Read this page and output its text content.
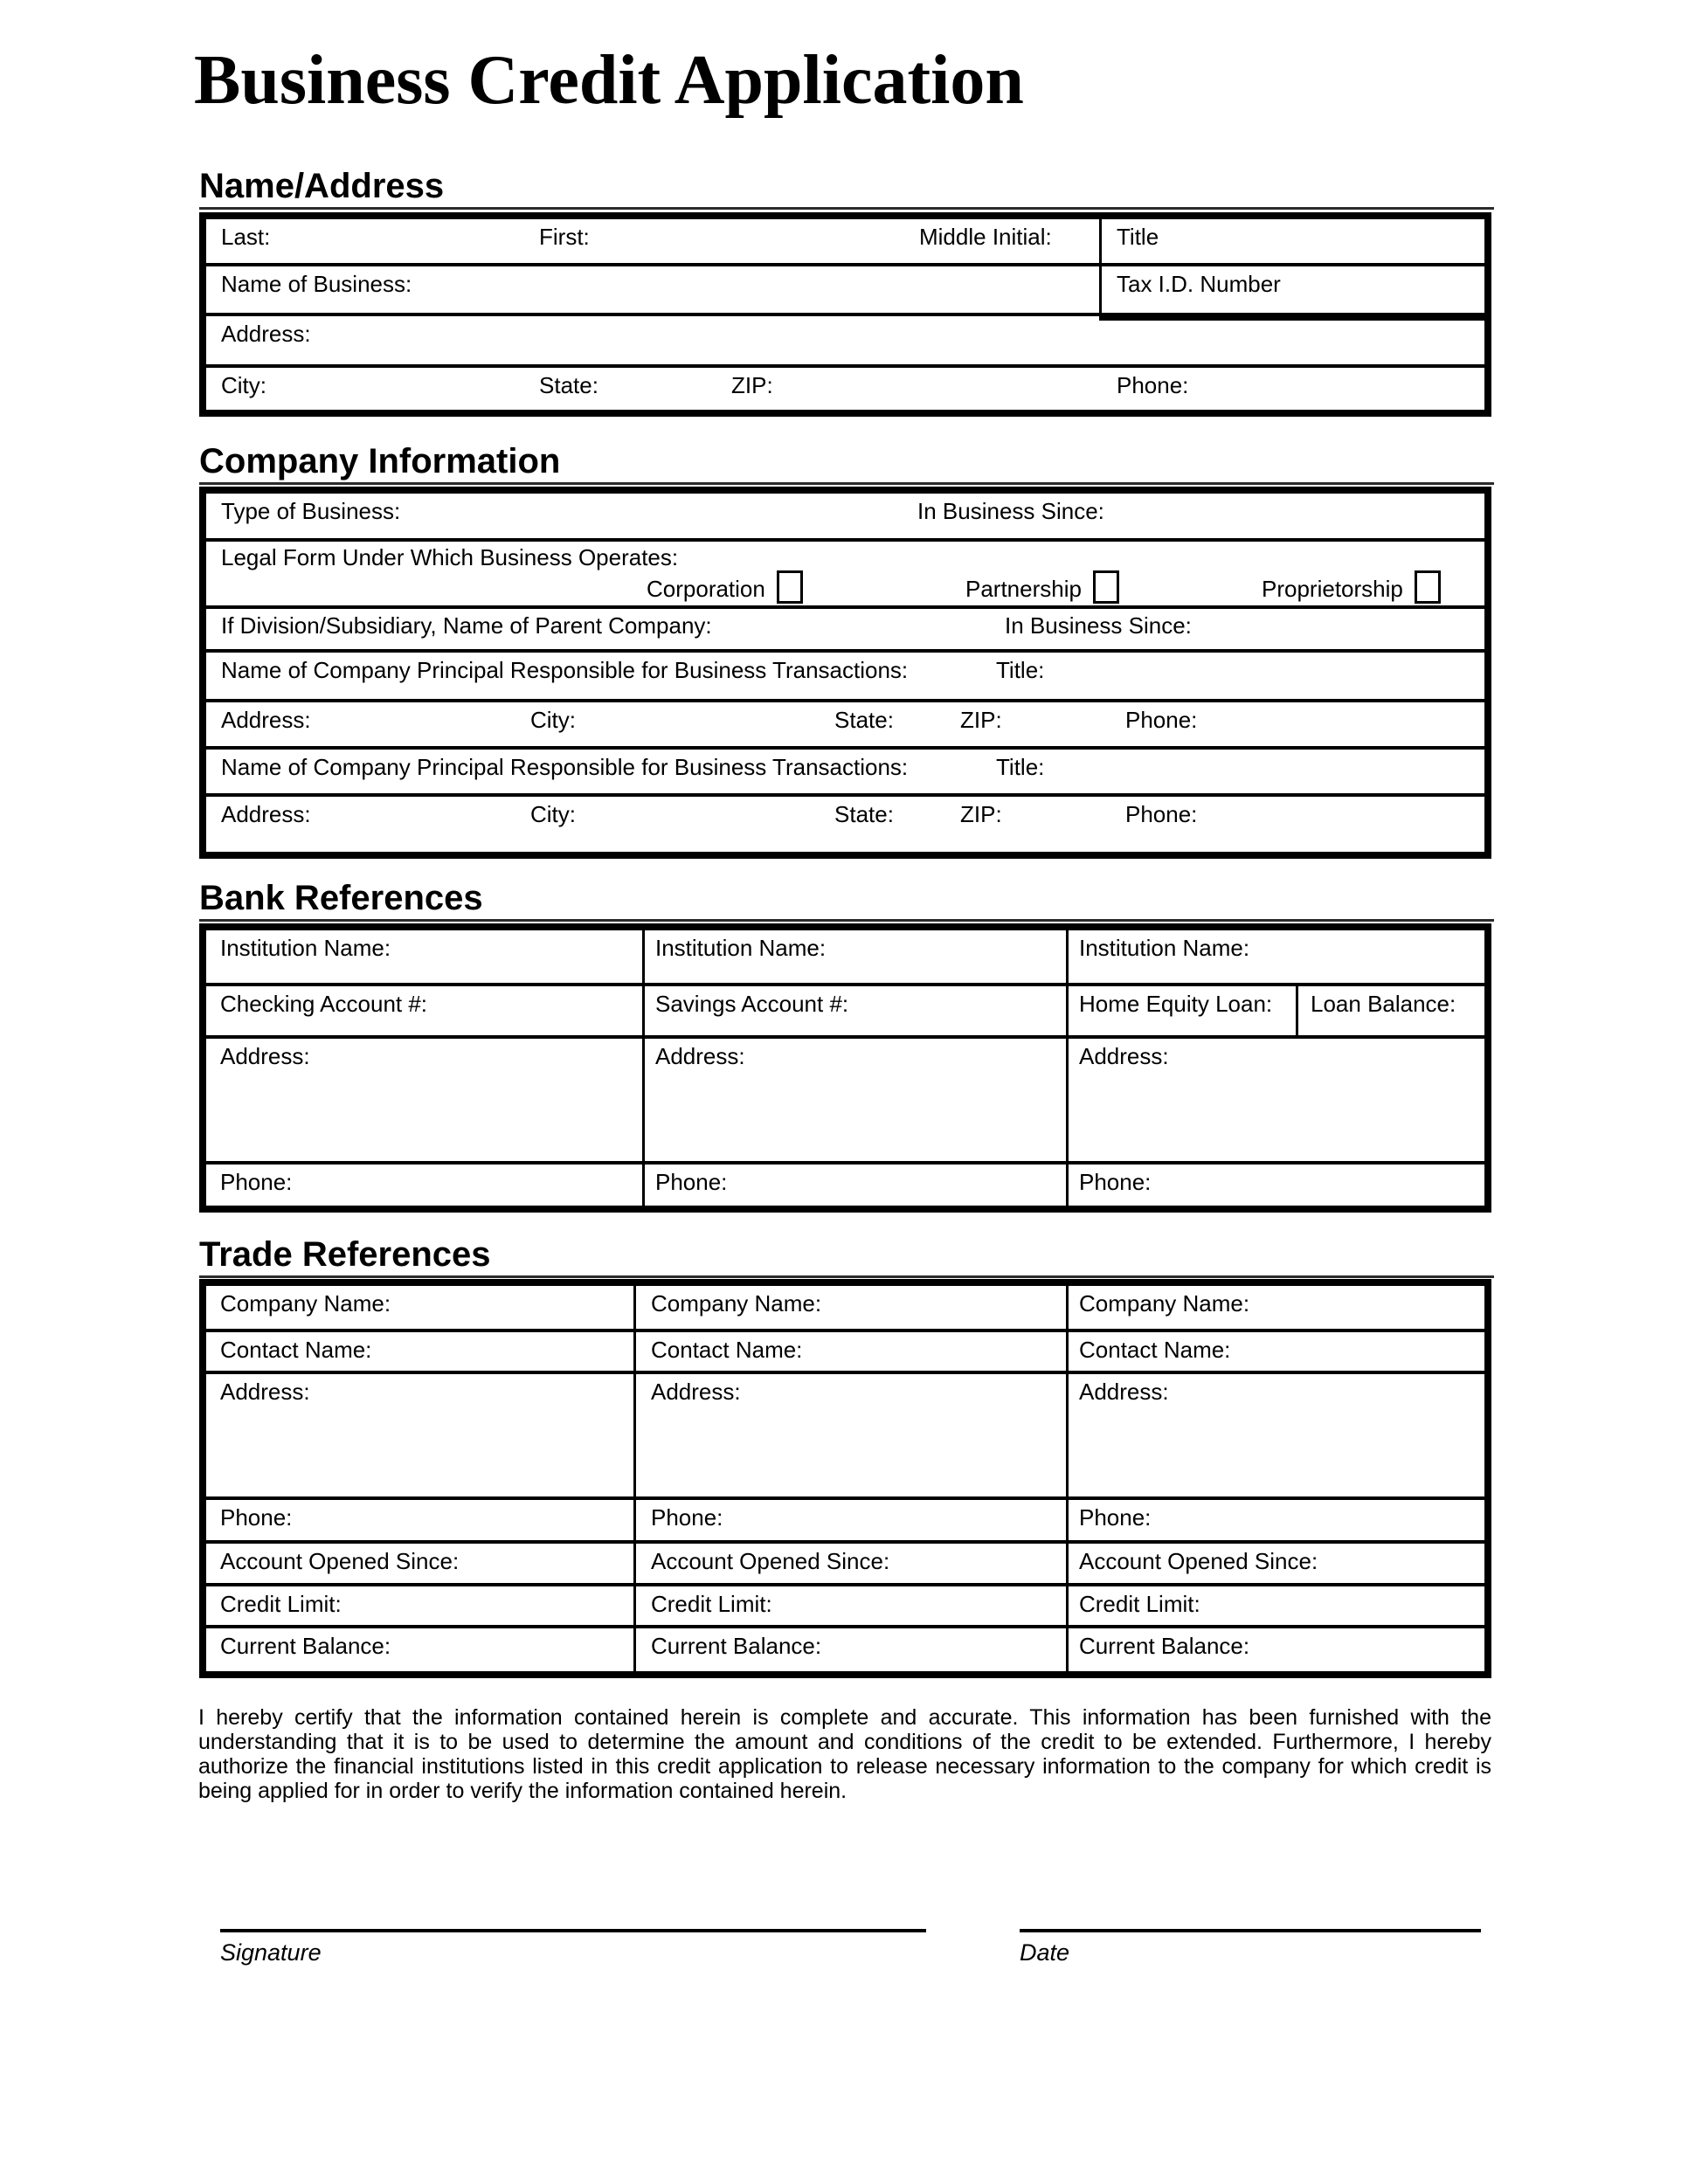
Business Credit Application
Name/Address
Last:	First:	Middle Initial:	Title
Name of Business:	Tax I.D. Number
Address:
City:	State:	ZIP:	Phone:
Company Information
Type of Business:	In Business Since:
Legal Form Under Which Business Operates:
Corporation	Partnership	Proprietorship
If Division/Subsidiary, Name of Parent Company:	In Business Since:
Name of Company Principal Responsible for Business Transactions:	Title:
Address:	City:	State:	ZIP:	Phone:
Name of Company Principal Responsible for Business Transactions:	Title:
Address:	City:	State:	ZIP:	Phone:
Bank References
Institution Name:	Institution Name:	Institution Name:
Checking Account #:	Savings Account #:	Home Equity Loan: Loan Balance:
Address:	Address:	Address:
Phone:	Phone:	Phone:
Trade References
Company Name:	Company Name:	Company Name:
Contact Name:	Contact Name:	Contact Name:
Address:	Address:	Address:
Phone:	Phone:	Phone:
Account Opened Since:	Account Opened Since:	Account Opened Since:
Credit Limit:	Credit Limit:	Credit Limit:
Current Balance:	Current Balance:	Current Balance:
I hereby certify that the information contained herein is complete and accurate. This information has been furnished with the understanding that it is to be used to determine the amount and conditions of the credit to be extended. Furthermore, I hereby authorize the financial institutions listed in this credit application to release necessary information to the company for which credit is being applied for in order to verify the information contained herein.
Signature	Date
